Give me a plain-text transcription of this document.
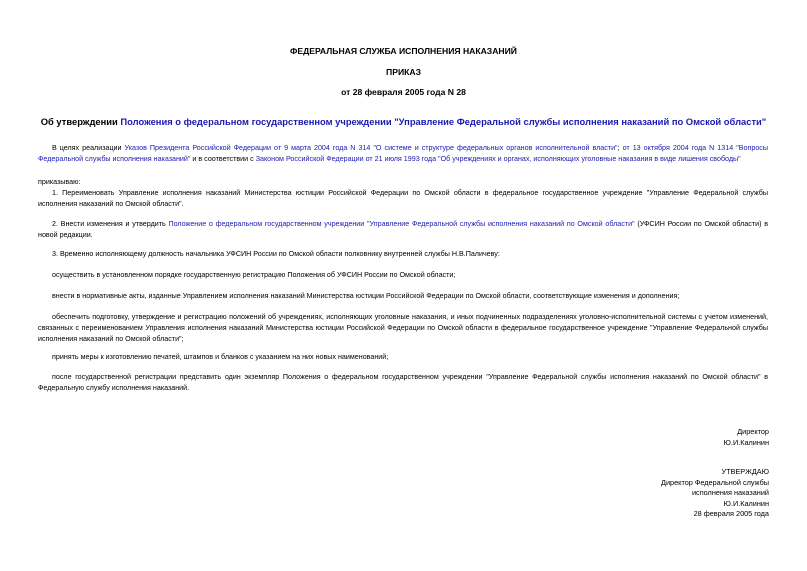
ФЕДЕРАЛЬНАЯ СЛУЖБА ИСПОЛНЕНИЯ НАКАЗАНИЙ
ПРИКАЗ
от 28 февраля 2005 года N 28
Об утверждении Положения о федеральном государственном учреждении "Управление Федеральной службы исполнения наказаний по Омской области"
В целях реализации Указов Президента Российской Федерации от 9 марта 2004 года N 314 "О системе и структуре федеральных органов исполнительной власти"; от 13 октября 2004 года N 1314 "Вопросы Федеральной службы исполнения наказаний" и в соответствии с Законом Российской Федерации от 21 июля 1993 года "Об учреждениях и органах, исполняющих уголовные наказания в виде лишения свободы"
приказываю:
1. Переименовать Управление исполнения наказаний Министерства юстиции Российской Федерации по Омской области в федеральное государственное учреждение "Управление Федеральной службы исполнения наказаний по Омской области".
2. Внести изменения и утвердить Положение о федеральном государственном учреждении "Управление Федеральной службы исполнения наказаний по Омской области" (УФСИН России по Омской области) в новой редакции.
3. Временно исполняющему должность начальника УФСИН России по Омской области полковнику внутренней службы Н.В.Паличеву:
осуществить в установленном порядке государственную регистрацию Положения об УФСИН России по Омской области;
внести в нормативные акты, изданные Управлением исполнения наказаний Министерства юстиции Российской Федерации по Омской области, соответствующие изменения и дополнения;
обеспечить подготовку, утверждение и регистрацию положений об учреждениях, исполняющих уголовные наказания, и иных подчиненных подразделениях уголовно-исполнительной системы с учетом изменений, связанных с переименованием Управления исполнения наказаний Министерства юстиции Российской Федерации по Омской области в федеральное государственное учреждение "Управление Федеральной службы исполнения наказаний по Омской области";
принять меры к изготовлению печатей, штампов и бланков с указанием на них новых наименований;
после государственной регистрации представить один экземпляр Положения о федеральном государственном учреждении "Управление Федеральной службы исполнения наказаний по Омской области" в Федеральную службу исполнения наказаний.
Директор
Ю.И.Калинин
УТВЕРЖДАЮ
Директор Федеральной службы
исполнения наказаний
Ю.И.Калинин
28 февраля 2005 года
